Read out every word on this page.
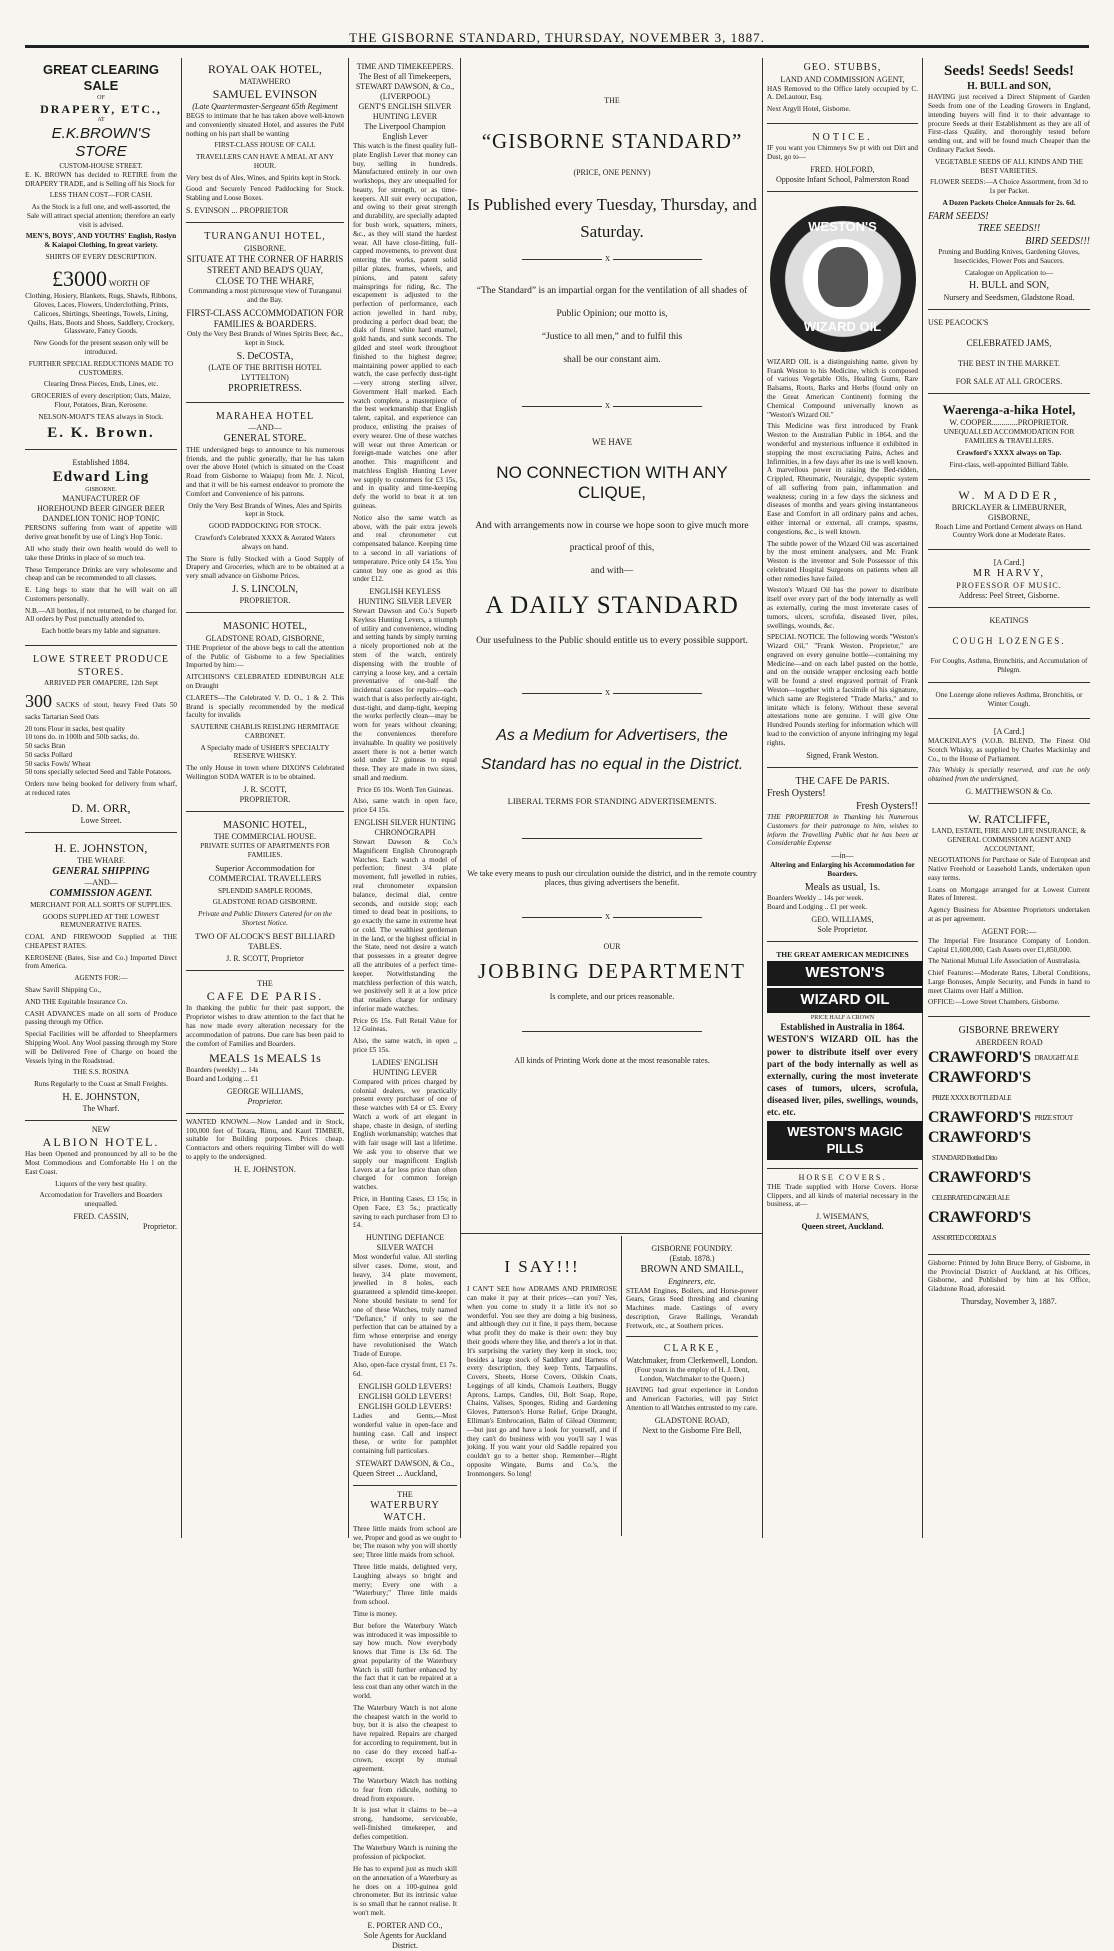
THE GISBORNE STANDARD, THURSDAY, NOVEMBER 3, 1887.
GREAT CLEARING SALE
OF
DRAPERY, ETC.,
AT
E.K.BROWN'S STORE
CUSTOM-HOUSE STREET.

E. K. BROWN has decided to RETIRE from the DRAPERY TRADE, and is Selling off his Stock for

LESS THAN COST—FOR CASH.

As the Stock is a full one, and well-assorted, the Sale will attract special attention; therefore an early visit is advised.

MEN'S, BOYS', AND YOUTHS' English, Roslyn & Kaiapoi Clothing, In great variety.

SHIRTS OF EVERY DESCRIPTION.

£3000 WORTH OF

Clothing, Hosiery, Blankets, Rugs, Shawls, Ribbons, Gloves, Laces, Flowers, Underclothing, Prints, Calicoes, Shirtings, Sheetings, Towels, Lining, Quilts, Hats, Boots and Shoes, Saddlery, Crockery, Glassware, Fancy Goods.

New Goods for the present season only will be introduced.

FURTHER SPECIAL REDUCTIONS MADE TO CUSTOMERS.

Clearing Dress Pieces, Ends, Lines, etc.

GROCERIES of every description; Oats, Maize, Flour, Potatoes, Bran, Kerosene.

NELSON-MOAT'S TEAS always in Stock.

E. K. Brown.
Established 1884.
Edward Ling
GISBORNE.
MANUFACTURER OF
HOREHOUND BEER GINGER BEER
DANDELION TONIC HOP TONIC

PERSONS suffering from want of appetite will derive great benefit by use of Ling's Hop Tonic.

All who study their own health would do well to take these Drinks in place of so much tea.

These Temperance Drinks are very wholesome and cheap and can be recommended to all classes.

E. Ling begs to state that he will wait on all Customers personally.

N.B.—All bottles, if not returned, to be charged for. All orders by Post punctually attended to.

Each bottle bears my Iable and signature.

LOWE STREET PRODUCE STORES.

ARRIVED PER OMAPERE, 12th Sept

300 SACKS of stout, heavy Feed Oats 50 sacks Tartarian Seed Oats

20 tons Flour in sacks, best quality
10 tons do. in 100lb and 50lb sacks, do.
50 sacks Bran
50 sacks Pollard
50 sacks Fowls' Wheat
50 tons specially selected Seed and Table Potatoes.

Orders now being booked for delivery from wharf, at reduced rates

D. M. ORR,
Lowe Street.
H. E. JOHNSTON,
THE WHARF.
GENERAL SHIPPING
—AND—
COMMISSION AGENT.

MERCHANT FOR ALL SORTS OF SUPPLIES.

GOODS SUPPLIED AT THE LOWEST REMUNERATIVE RATES.

COAL AND FIREWOOD Supplied at THE CHEAPEST RATES.

KEROSENE (Bates, Sise and Co.) Imported Direct from America.

AGENTS FOR:—

Shaw Savill Shipping Co.,

AND THE Equitable Insurance Co.

CASH ADVANCES made on all sorts of Produce passing through my Office.

Special Facilities will be afforded to Sheepfarmers Shipping Wool. Any Wool passing through my Store will be Delivered Free of Charge on board the Vessels lying in the Roadstead.

THE S.S. ROSINA

Runs Regularly to the Coast at Small Freights.

H. E. JOHNSTON,
The Wharf.
NEW
ALBION HOTEL.

Has been Opened and pronounced by all to be the Most Commodious and Comfortable Ho l on the East Coast.

Liquors of the very best quality.

Accomodation for Travellers and Boarders unequalled.

FRED. CASSIN,
Proprietor.
ROYAL OAK HOTEL,
MATAWHERO
SAMUEL EVINSON
(Late Quartermaster-Sergeant 65th Regiment

BEGS to intimate that he has taken above well-known and conveniently situated Hotel, and assures the Publ nothing on his part shall be wanting

FIRST-CLASS HOUSE OF CALL

TRAVELLERS CAN HAVE A MEAL AT ANY HOUR.

Very best ds of Ales, Wines, and Spirits kept in Stock.

Good and Securely Fenced Paddocking for Stock. Stabling and Loose Boxes.

S. EVINSON ... PROPRIETOR
TURANGANUI HOTEL,
GISBORNE.
SITUATE AT THE CORNER OF HARRIS STREET AND BEAD'S QUAY,
CLOSE TO THE WHARF,

Commanding a most picturesque view of Turanganui and the Bay.

FIRST-CLASS ACCOMMODATION FOR FAMILIES & BOARDERS.

Only the Very Best Brands of Wines Spirits Beer, &c., kept in Stock.

S. DeCOSTA,
(LATE OF THE BRITISH HOTEL LYTTELTON)
PROPRIETRESS.
MARAHEA HOTEL
—AND—
GENERAL STORE.

THE undersigned begs to announce to his numerous friends, and the public generally, that he has taken over the above Hotel (which is situated on the Coast Road from Gisborne to Waiapu) from Mr. J. Nicol, and that it will be his earnest endeavor to promote the Comfort and Convenience of his patrons.

Only the Very Best Brands of Wines, Ales and Spirits kept in Stock.

GOOD PADDOCKING FOR STOCK.

Crawford's Celebrated XXXX & Aerated Waters always on hand.

The Store is fully Stocked with a Good Supply of Drapery and Groceries, which are to be obtained at a very small advance on Gisborne Prices.

J. S. LINCOLN,
PROPRIETOR.
MASONIC HOTEL,
GLADSTONE ROAD, GISBORNE,

THE Proprietor of the above begs to call the attention of the Public of Gisborne to a few Specialities Imported by him:—

AITCHISON'S CELEBRATED EDINBURGH ALE on Draught

CLARETS—The Celebrated V. D. O., 1 & 2. This Brand is specially recommended by the medical faculty for invalids

SAUTERNE CHABLIS REISLING HERMITAGE CARBONET.

A Specialty made of USHER'S SPECIALTY RESERVE WHISKY.

The only House in town where DIXON'S Celebrated Wellington SODA WATER is to be obtained.

J. R. SCOTT,
PROPRIETOR.
MASONIC HOTEL,
THE COMMERCIAL HOUSE.

PRIVATE SUITES OF APARTMENTS FOR FAMILIES.

Superior Accommodation for COMMERCIAL TRAVELLERS

SPLENDID SAMPLE ROOMS,

GLADSTONE ROAD GISBORNE.

Private and Public Dinners Catered for on the Shortest Notice.

TWO OF ALCOCK'S BEST BILLIARD TABLES.

J. R. SCOTT, Proprietor
THE
CAFE DE PARIS.

In thanking the public for their past support, the Proprietor wishes to draw attention to the fact that he has now made every alteration necessary for the accommodation of patrons. Due care has been paid to the comfort of Families and Boarders.

MEALS 1s MEALS 1s

Boarders (weekly) ... 14s
Board and Lodging ... £1

GEORGE WILLIAMS,
Proprietor.

WANTED KNOWN.—Now Landed and in Stock, 100,000 feet of Totara, Rimu, and Kauri TIMBER, suitable for Building purposes. Prices cheap. Contractors and others requiring Timber will do well to apply to the undersigned.

H. E. JOHNSTON.
TIME AND TIMEKEEPERS.
The Best of all Timekeepers,
STEWART DAWSON, & Co.,
(LIVERPOOL)
GENT'S ENGLISH SILVER HUNTING LEVER
The Liverpool Champion English Lever

This watch is the finest quality full-plate English Lever that money can buy, selling in hundreds. Manufactured entirely in our own workshops, they are unequalled for beauty, for strength, or as time-keepers. All suit every occupation, and owing to their great strength and durability, are specially adapted for bush work, squatters, miners, &c., as they will stand the hardest wear. All have close-fitting, full-capped movements, to prevent dust entering the works, patent solid pillar plates, frames, wheels, and pinions, and patent safety mainsprings for riding, &c. The escapement is adjusted to the perfection of performance, each action jewelled in hard ruby, producing a perfect dead beat; the dials of finest white hard enamel, gold hands, and sunk seconds. The gilded and steel work throughout finished to the highest degree; maintaining power applied to each watch, the case perfectly dust-tight—very strong sterling silver, Government Hall marked. Each watch complete, a masterpiece of the best workmanship that English talent, capital, and experience can produce, enlisting the praises of every wearer. One of these watches will wear out three American or foreign-made watches one after another. This magnificent and matchless English Hunting Lever we supply to customers for £3 15s, and in quality and time-keeping defy the world to beat it at ten guineas.

Notice also the same watch as above, with the pair extra jewels and real chronometer cut compensated balance. Keeping time to a second in all variations of temperature. Price only £4 15s. You cannot buy one as good as this under £12.

ENGLISH KEYLESS HUNTING SILVER LEVER

Stewart Dawson and Co.'s Superb Keyless Hunting Levers, a triumph of utility and convenience, winding and setting hands by simply turning a nicely proportioned nob at the stem of the watch, entirely dispensing with the trouble of carrying a loose key, and a certain preventative of one-half the incidental causes for repairs—each watch that is also perfectly air-tight, dust-tight, and damp-tight, keeping the works perfectly clean—may be worn for years without cleaning; the conveniences therefore invaluable. In quality we positively assert there is not a better watch sold under 12 guineas to equal these. They are made in two sizes, small and medium.

Price £6 10s. Worth Ten Guineas.

Also, same watch in open face, price £4 15s.

ENGLISH SILVER HUNTING CHRONOGRAPH

Stewart Dawson & Co.'s Magnificent English Chronograph Watches. Each watch a model of perfection; finest 3/4 plate movement, full jewelled in rubies, real chronometer expansion balance, decimal dial, centre seconds, and outside stop; each timed to dead beat in positions, to go exactly the same in extreme heat or cold. The wealthiest gentleman in the land, or the highest official in the State, need not desire a watch that possesses in a greater degree all the attributes of a perfect time-keeper. Notwithstanding the matchless perfection of this watch, we positively sell it at a low price that retailers charge for ordinary inferior made watches.

Price £6 15s. Full Retail Value for 12 Guineas.

Also, the same watch, in open ,, price £5 15s.

LADIES' ENGLISH HUNTING LEVER

Compared with prices charged by colonial dealers, we practically present every purchaser of one of these watches with £4 or £5. Every Watch a work of art elegant in shape, chaste in design, of sterling English workmanship; watches that with fair usage will last a lifetime. We ask you to observe that we supply our magnificent English Levers at a far less price than often charged for common foreign watches.

Price, in Hunting Cases, £3 15s; in Open Face, £3 5s.; practically saving to each purchaser from £3 to £4.

HUNTING DEFIANCE SILVER WATCH

Most wonderful value. All sterling silver cases. Dome, stout, and heavy, 3/4 plate movement, jewelled in 8 holes, each guaranteed a splendid time-keeper. None should hesitate to send for one of these Watches, truly named "Defiance," if only to see the perfection that can be attained by a firm whose enterprise and energy have revolutionised the Watch Trade of Europe.

Also, open-face crystal front, £1 7s. 6d.

ENGLISH GOLD LEVERS!
ENGLISH GOLD LEVERS!
ENGLISH GOLD LEVERS!

Ladies and Gents,—Most wonderful value in open-face and hunting case. Call and inspect these, or write for pamphlet containing full particulars.

STEWART DAWSON, & Co.,
Queen Street ... Auckland,
THE
WATERBURY WATCH.

Three little maids from school are we, Proper and good as we ought to be; The reason why you will shortly see; Three little maids from school.

Three little maids, delighted very, Laughing always so bright and merry; Every one with a "Waterbury;" Three little maids from school.

Time is money.

But before the Waterbury Watch was introduced it was impossible to say how much. Now everybody knows that Time is 13s 6d. The great popularity of the Waterbury Watch is still further enhanced by the fact that it can be repaired at a less cost than any other watch in the world.

The Waterbury Watch is not alone the cheapest watch in the world to buy, but it is also the cheapest to have repaired. Repairs are charged for according to requirement, but in no case do they exceed half-a-crown, except by mutual agreement.

The Waterbury Watch has nothing to fear from ridicule, nothing to dread from exposure.

It is just what it claims to be—a strong, handsome, serviceable, well-finished timekeeper, and defies competition.

The Waterbury Watch is ruining the profession of pickpocket.

He has to expend just as much skill on the annexation of a Waterbury as he does on a 100-guinea gold chronometer. But its intrinsic value is so small that he cannot realise. It won't melt.

E. PORTER AND CO.,
Sole Agents for Auckland District.
THE
“GISBORNE STANDARD”
(PRICE, ONE PENNY)
Is Published every Tuesday, Thursday, and Saturday.
X
“The Standard” is an impartial organ for the ventilation of all shades of Public Opinion; our motto is,
“Justice to all men,” and to fulfil this
shall be our constant aim.
X
WE HAVE
NO CONNECTION WITH ANY CLIQUE,
And with arrangements now in course we hope soon to give much more practical proof of this,
and with—
A DAILY STANDARD
Our usefulness to the Public should entitle us to every possible support.
X
As a Medium for Advertisers, the Standard has no equal in the District.
LIBERAL TERMS FOR STANDING ADVERTISEMENTS.
We take every means to push our circulation outside the district, and in the remote country places, thus giving advertisers the benefit.
X
OUR
JOBBING DEPARTMENT
Is complete, and our prices reasonable.
All kinds of Printing Work done at the most reasonable rates.
I SAY!!!

I CAN'T SEE how ADRAMS AND PRIMROSE can make it pay at their prices—can you? Yes, when you come to study it a little it's not so wonderful. You see they are doing a big business, and although they cut it fine, it pays them, because what profit they do make is their own: they buy their goods where they like, and there's a lot in that. It's surprising the variety they keep in stock, too; besides a large stock of Saddlery and Harness of every description, they keep Tents, Tarpaulins, Covers, Sheets, Horse Covers, Oilskin Coats, Leggings of all kinds, Chamois Leathers, Buggy Aprons, Lamps, Candles, Oil, Bolt Soap, Rope, Chains, Valises, Sponges, Riding and Gardening Gloves, Patterson's Horse Relief, Gripe Draught, Elliman's Embrocation, Balm of Gilead Ointment;—but just go and have a look for yourself, and if they can't do business with you you'll say I was joking. If you want your old Saddle repaired you couldn't go to a better shop. Remember—Right opposite Wingate, Burns and Co.'s, the Ironmongers. So long!

GISBORNE FOUNDRY.
(Estab. 1878.)
BROWN AND SMAILL,
Engineers, etc.

STEAM Engines, Boilers, and Horse-power Gears, Grass Seed threshing and cleaning Machines made. Castings of every description, Grave Railings, Verandah Fretwork, etc., at Southern prices.

CLARKE,
Watchmaker, from Clerkenwell, London.

(Four years in the employ of H. J. Dent, London, Watchmaker to the Queen.)

HAVING had great experience in London and American Factories, will pay Strict Attention to all Watches entrusted to my care.

GLADSTONE ROAD,
Next to the Gisborne Fire Bell,
GEO. STUBBS,
LAND AND COMMISSION AGENT,

HAS Removed to the Office lately occupied by C. A. DeLautour, Esq.

Next Argyll Hotel, Gisborne.

NOTICE.

IF you want you Chimneys Sw pt with out Dirt and Dust, go to—

FRED. HOLFORD,
Opposite Infant School, Palmerston Road
WESTON'S
WIZARD OIL

WIZARD OIL is a distinguishing name, given by Frank Weston to his Medicine, which is composed of various Vegetable Oils, Healing Gums, Rare Balsams, Roots, Barks and Herbs (found only on the Great American Continent) forming the Chemical Compound universally known as "Weston's Wizard Oil."

This Medicine was first introduced by Frank Weston to the Australian Public in 1864, and the wonderful and mysterious influence it exhibited in stopping the most excruciating Pains, Aches and Infirmities, in a few days after its use is well known. A marvellous power in raising the Bed-ridden, Crippled, Rheumatic, Neuralgic, dyspeptic system of all suffering from pain, inflammation and weakness; curing in a few days the sickness and diseases of months and years giving instantaneous Ease and Comfort in all ordinary pains and aches, either internal or external, all cramps, spasms, congestions, &c., is well known.

The subtle power of the Wizard Oil was ascertained by the most eminent analysers, and Mr. Frank Weston is the inventor and Sole Possessor of this celebrated Hospital Surgeons on patients when all other remedies have failed.

Weston's Wizard Oil has the power to distribute itself over every part of the body internally as well as externally, curing the most inveterate cases of tumors, ulcers, scrofula, diseased liver, piles, swellings, wounds, &c.

SPECIAL NOTICE. The following words "Weston's Wizard Oil," "Frank Weston. Proprietor," are engraved on every genuine bottle—containing my Medicine—and on each label pasted on the bottle, and on the outside wrapper enclosing each bottle will be found a steel engraved portrait of Frank Weston—together with a facsimile of his signature, which same are Registered "Trade Marks," and to imitate which is felony. Without these several attestations none are genuine. I will give One Hundred Pounds sterling for information which will lead to the conviction of anyone infringing my legal rights,

Signed, Frank Weston.
THE CAFE De PARIS.
Fresh Oysters!
Fresh Oysters!!

THE PROPRIETOR in Thanking his Numerous Customers for their patronage to him, wishes to inform the Travelling Public that he has been at Considerable Expense

—in—

Altering and Enlarging his Accommodation for Boarders.

Meals as usual, 1s.

Boarders Weekly .. 14s per week.
Board and Lodging .. £1 per week.

GEO. WILLIAMS,
Sole Proprietor.
THE GREAT AMERICAN MEDICINES
WESTON'S
WIZARD OIL
PRICE HALF A CROWN
Established in Australia in 1864.

WESTON'S WIZARD OIL has the power to distribute itself over every part of the body internally as well as externally, curing the most inveterate cases of tumors, ulcers, scrofula, diseased liver, piles, swellings, wounds, etc. etc.

WESTON'S MAGIC PILLS
HORSE COVERS.

THE Trade supplied with Horse Covers. Horse Clippers, and all kinds of material necessary in the business, at—

J. WISEMAN'S,
Queen street, Auckland.
Seeds! Seeds! Seeds!
H. BULL and SON,

HAVING just received a Direct Shipment of Garden Seeds from one of the Leading Growers in England, intending buyers will find it to their advantage to procure Seeds at their Establishment as they are all of First-class Quality, and thoroughly tested before sending out, and will be found much Cheaper than the Ordinary Packet Seeds.

VEGETABLE SEEDS OF ALL KINDS AND THE BEST VARIETIES.

FLOWER SEEDS:—A Choice Assortment, from 3d to 1s per Packet.

A Dozen Packets Choice Annuals for 2s. 6d.

FARM SEEDS!
TREE SEEDS!!
BIRD SEEDS!!!

Pruning and Budding Knives, Gardening Gloves, Insecticides, Flower Pots and Saucers.

Catalogue on Application to—

H. BULL and SON,
Nursery and Seedsmen, Gladstone Road.
USE PEACOCK'S
CELEBRATED JAMS,
THE BEST IN THE MARKET.
FOR SALE AT ALL GROCERS.
Waerenga-a-hika Hotel,
W. COOPER.............PROPRIETOR.

UNEQUALLED ACCOMMODATION FOR FAMILIES & TRAVELLERS.

Crawford's XXXX always on Tap.

First-class, well-appointed Billiard Table.

W. MADDER,
BRICKLAYER & LIMEBURNER,
GISBORNE,

Roach Lime and Portland Cement always on Hand. Country Work done at Moderate Rates.

[A Card.]
MR HARVY,
PROFESSOR OF MUSIC.
Address: Peel Street, Gisborne.
KEATINGS
COUGH LOZENGES.

For Coughs, Asthma, Bronchitis, and Accumulation of Phlegm.

One Lozenge alone relieves Asthma, Bronchitis, or Winter Cough.

[A Card.]

MACKINLAY'S (V.O.B. BLEND, The Finest Old Scotch Whisky, as supplied by Charles Mackinlay and Co., to the House of Parliament.

This Whisky is specially reserved, and can be only obtained from the undersigned,

G. MATTHEWSON & Co.
W. RATCLIFFE,

LAND, ESTATE, FIRE AND LIFE INSURANCE, & GENERAL COMMISSION AGENT AND ACCOUNTANT,

NEGOTIATIONS for Purchase or Sale of European and Native Freehold or Leasehold Lands, undertaken upon easy terms.

Loans on Mortgage arranged for at Lowest Current Rates of Interest.

Agency Business for Absentee Proprietors undertaken at as per agreement.

AGENT FOR:—

The Imperial Fire Insurance Company of London. Capital £1,600,000, Cash Assets over £1,850,000.

The National Mutual Life Association of Australasia.

Chief Features:—Moderate Rates, Liberal Conditions, Large Bonuses, Ample Security, and Funds in hand to meet Claims over Half a Million.

OFFICE:—Lowe Street Chambers, Gisborne.

GISBORNE BREWERY
ABERDEEN ROAD
CRAWFORD'S DRAUGHT ALE
CRAWFORD'SPRIZE XXXX BOTTLED ALE
CRAWFORD'S PRIZE STOUT
CRAWFORD'SSTANDARD Bottled Ditto
CRAWFORD'SCELEBRATED GINGER ALE
CRAWFORD'SASSORTED CORDIALS

Gisborne: Printed by John Bruce Berry, of Gisborne, in the Provincial District of Auckland, at his Offices, Gisborne, and Published by him at his Office, Gladstone Road, aforesaid.

Thursday, November 3, 1887.
